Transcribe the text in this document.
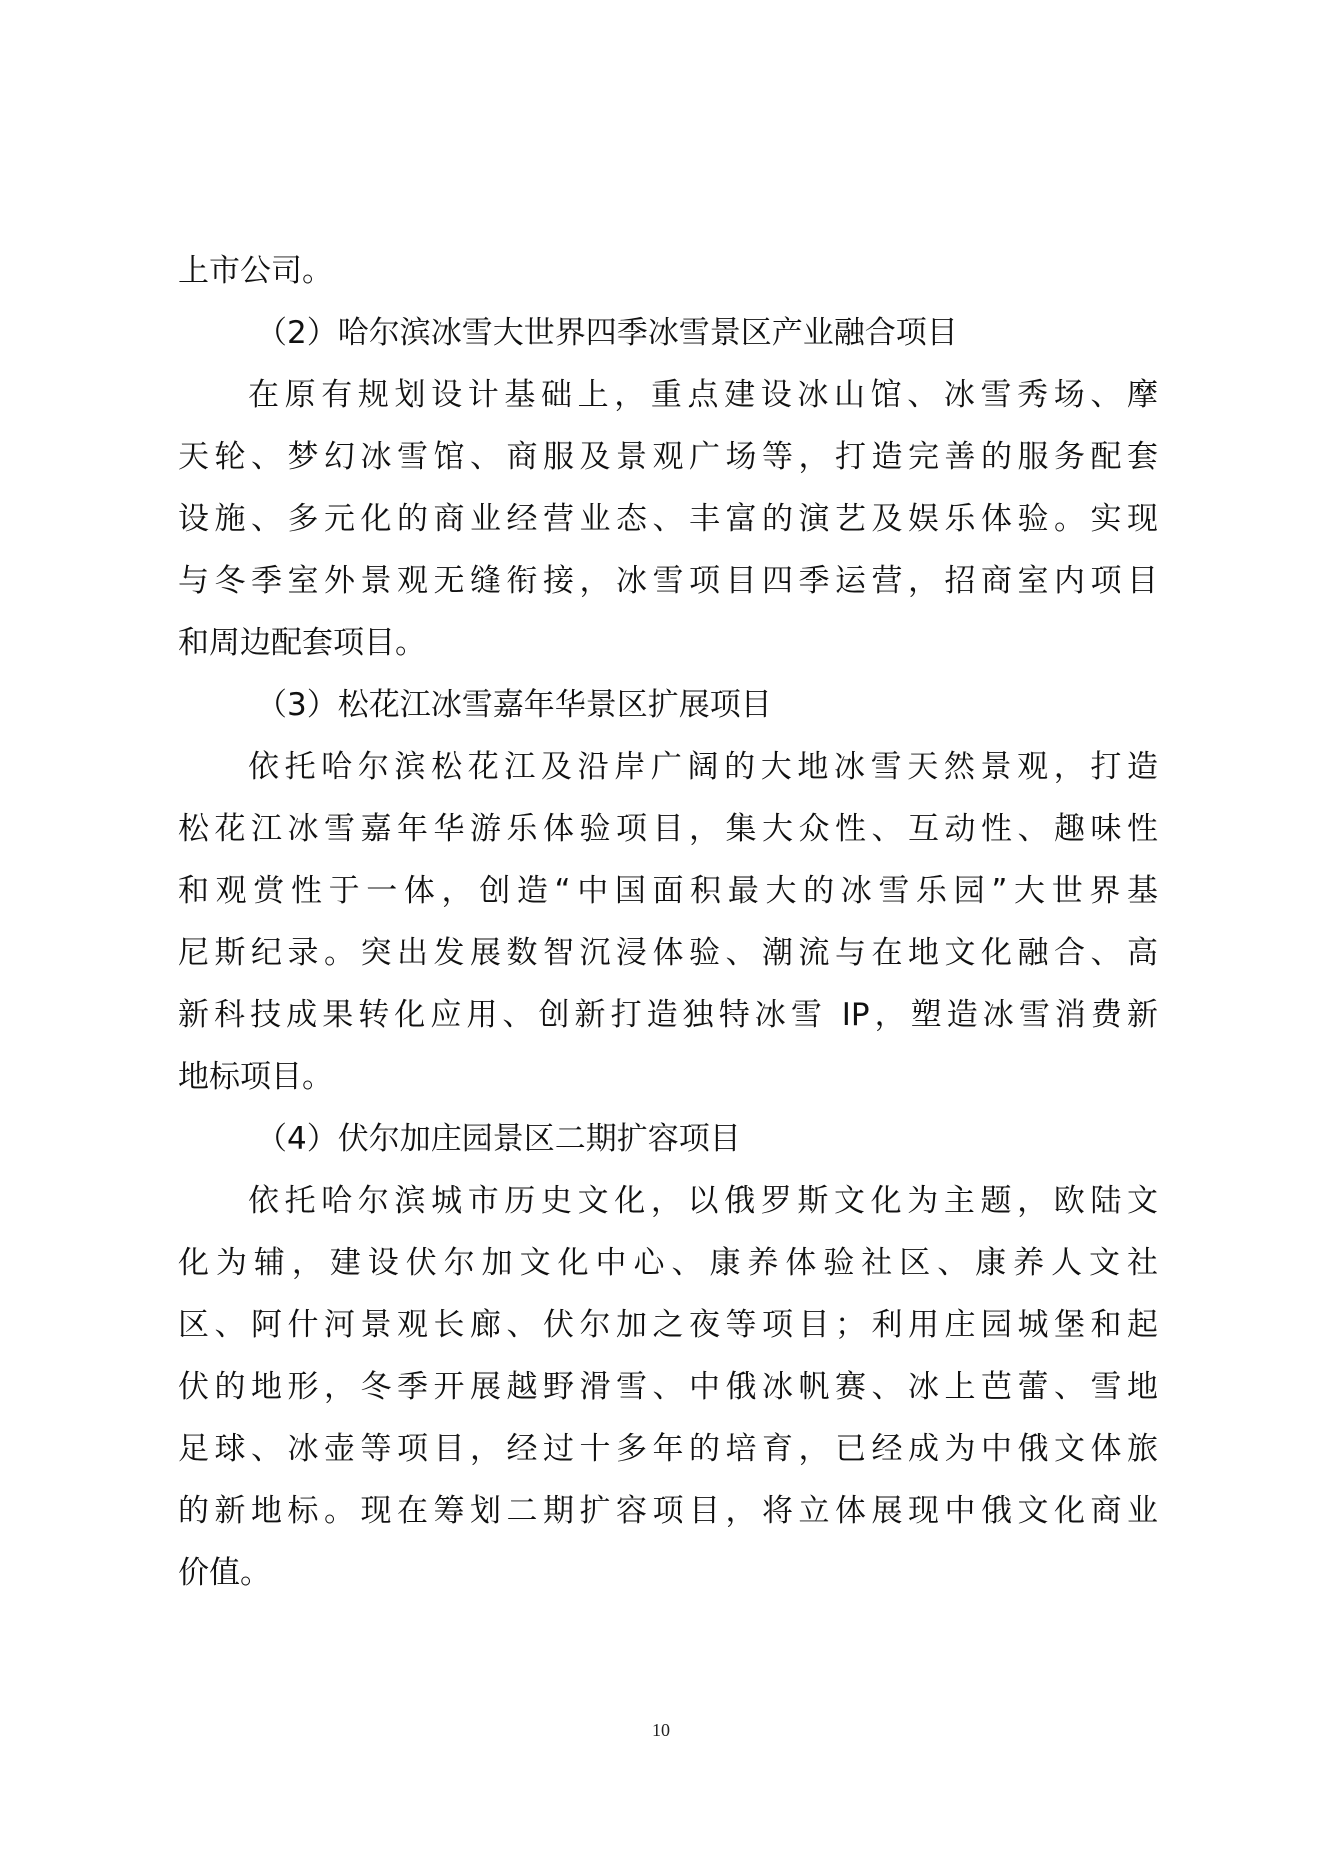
上市公司。
（2）哈尔滨冰雪大世界四季冰雪景区产业融合项目
在原有规划设计基础上，重点建设冰山馆、冰雪秀场、摩
天轮、梦幻冰雪馆、商服及景观广场等，打造完善的服务配套
设施、多元化的商业经营业态、丰富的演艺及娱乐体验。实现
与冬季室外景观无缝衔接，冰雪项目四季运营，招商室内项目
和周边配套项目。
（3）松花江冰雪嘉年华景区扩展项目
依托哈尔滨松花江及沿岸广阔的大地冰雪天然景观，打造
松花江冰雪嘉年华游乐体验项目，集大众性、互动性、趣味性
和观赏性于一体，创造“中国面积最大的冰雪乐园”大世界基
尼斯纪录。突出发展数智沉浸体验、潮流与在地文化融合、高
新科技成果转化应用、创新打造独特冰雪 IP，塑造冰雪消费新
地标项目。
（4）伏尔加庄园景区二期扩容项目
依托哈尔滨城市历史文化，以俄罗斯文化为主题，欧陆文
化为辅，建设伏尔加文化中心、康养体验社区、康养人文社
区、阿什河景观长廊、伏尔加之夜等项目；利用庄园城堡和起
伏的地形，冬季开展越野滑雪、中俄冰帆赛、冰上芭蕾、雪地
足球、冰壶等项目，经过十多年的培育，已经成为中俄文体旅
的新地标。现在筹划二期扩容项目，将立体展现中俄文化商业
价值。
10
